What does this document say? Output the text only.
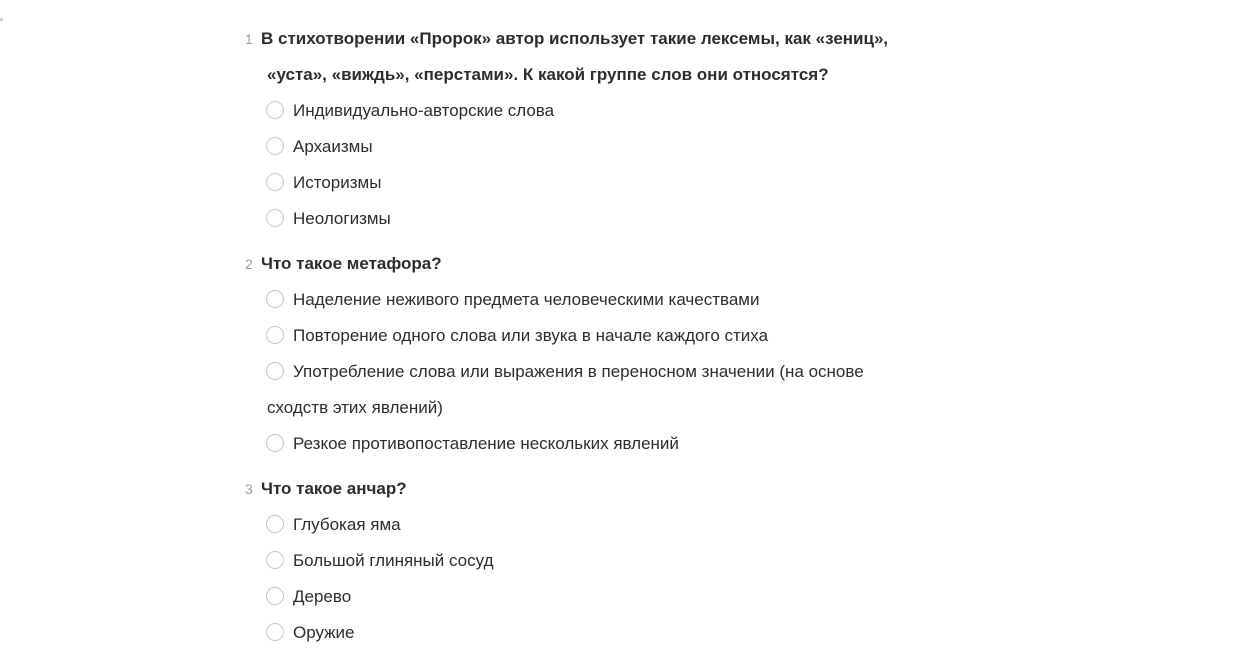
⸗
1 В стихотворении «Пророк» автор использует такие лексемы, как «зениц»,
«уста», «виждь», «перстами». К какой группе слов они относятся?
Индивидуально-авторские слова
Архаизмы
Историзмы
Неологизмы
2 Что такое метафора?
Наделение неживого предмета человеческими качествами
Повторение одного слова или звука в начале каждого стиха
Употребление слова или выражения в переносном значении (на основе сходств этих явлений)
Резкое противопоставление нескольких явлений
3 Что такое анчар?
Глубокая яма
Большой глиняный сосуд
Дерево
Оружие
